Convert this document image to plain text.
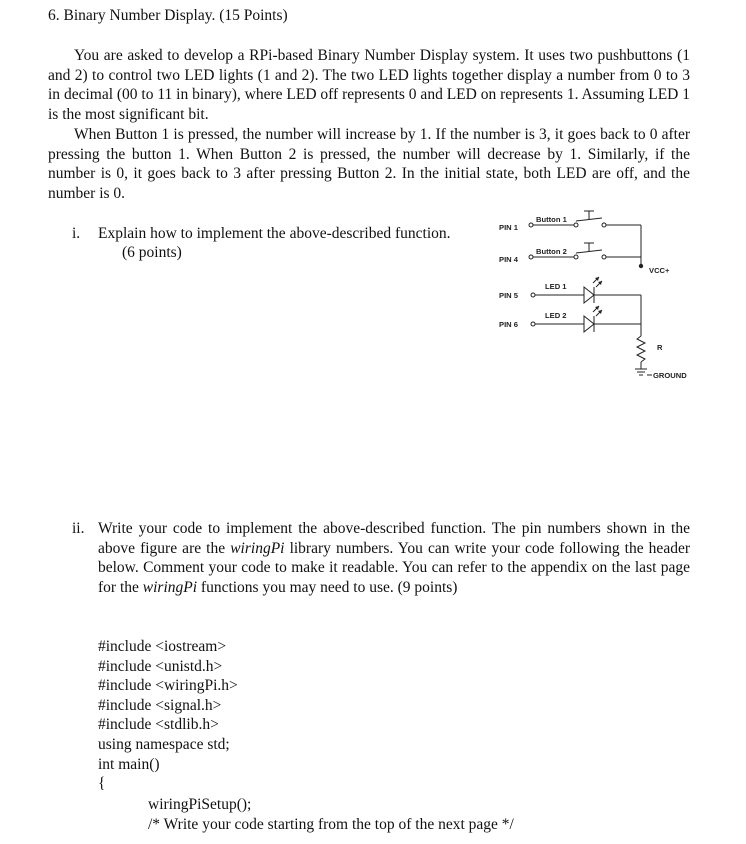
6. Binary Number Display. (15 Points)
You are asked to develop a RPi-based Binary Number Display system. It uses two pushbuttons (1 and 2) to control two LED lights (1 and 2). The two LED lights together display a number from 0 to 3 in decimal (00 to 11 in binary), where LED off represents 0 and LED on represents 1. Assuming LED 1 is the most significant bit.
When Button 1 is pressed, the number will increase by 1. If the number is 3, it goes back to 0 after pressing the button 1. When Button 2 is pressed, the number will decrease by 1. Similarly, if the number is 0, it goes back to 3 after pressing Button 2. In the initial state, both LED are off, and the number is 0.
i. Explain how to implement the above-described function.
(6 points)
PIN 1
PIN 4
PIN 5
PIN 6
Button 1
Button 2
LED 1
LED 2
VCC+
R
GROUND
ii. Write your code to implement the above-described function. The pin numbers shown in the above figure are the wiringPi library numbers. You can write your code following the header below. Comment your code to make it readable. You can refer to the appendix on the last page for the wiringPi functions you may need to use. (9 points)
#include <iostream>
#include <unistd.h>
#include <wiringPi.h>
#include <signal.h>
#include <stdlib.h>
using namespace std;
int main()
{
wiringPiSetup();
/* Write your code starting from the top of the next page */
